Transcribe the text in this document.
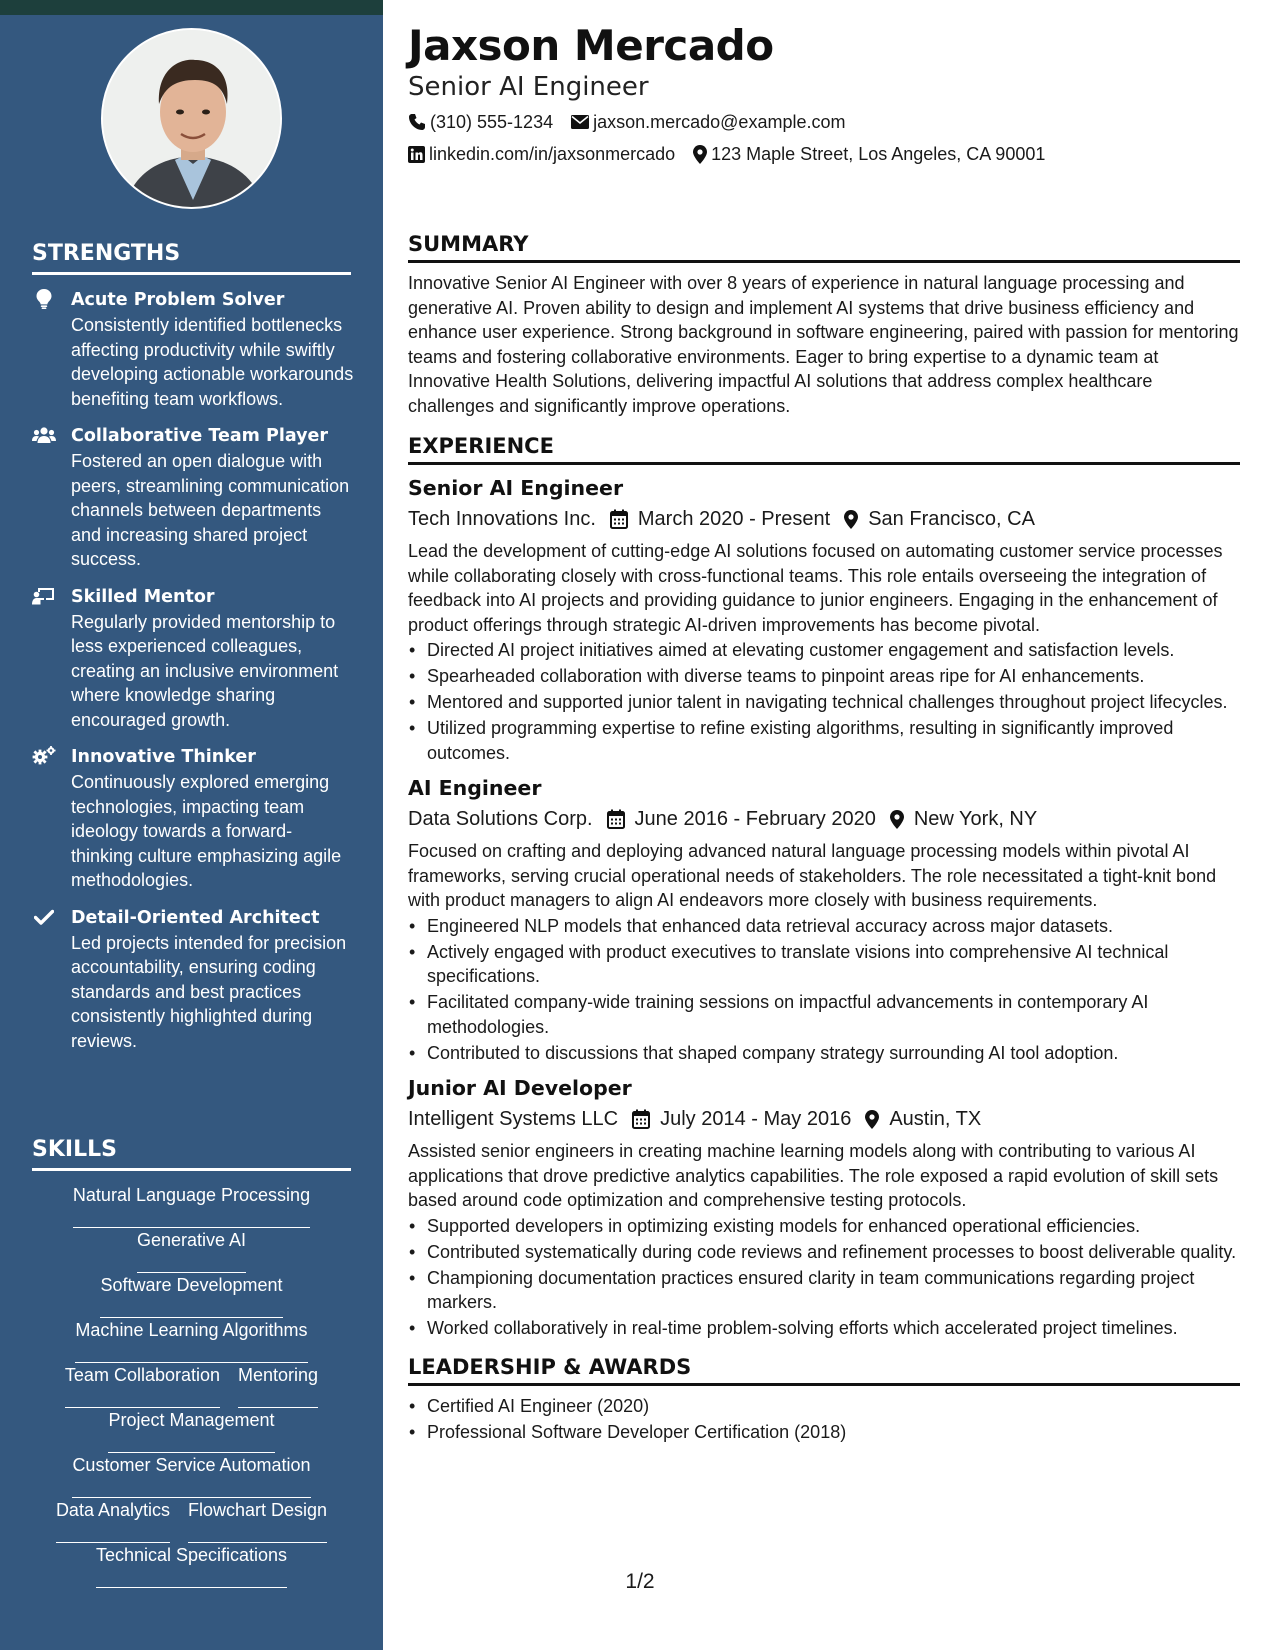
STRENGTHS
Acute Problem Solver
Consistently identified bottlenecks affecting productivity while swiftly developing actionable workarounds benefiting team workflows.
Collaborative Team Player
Fostered an open dialogue with peers, streamlining communication channels between departments and increasing shared project success.
Skilled Mentor
Regularly provided mentorship to less experienced colleagues, creating an inclusive environment where knowledge sharing encouraged growth.
Innovative Thinker
Continuously explored emerging technologies, impacting team ideology towards a forward-thinking culture emphasizing agile methodologies.
Detail-Oriented Architect
Led projects intended for precision accountability, ensuring coding standards and best practices consistently highlighted during reviews.
SKILLS
Natural Language Processing
Generative AI
Software Development
Machine Learning Algorithms
Team Collaboration Mentoring
Project Management
Customer Service Automation
Data Analytics Flowchart Design
Technical Specifications
Jaxson Mercado
Senior AI Engineer
(310) 555-1234 jaxson.mercado@example.com
linkedin.com/in/jaxsonmercado 123 Maple Street, Los Angeles, CA 90001
SUMMARY
Innovative Senior AI Engineer with over 8 years of experience in natural language processing and generative AI. Proven ability to design and implement AI systems that drive business efficiency and enhance user experience. Strong background in software engineering, paired with passion for mentoring teams and fostering collaborative environments. Eager to bring expertise to a dynamic team at Innovative Health Solutions, delivering impactful AI solutions that address complex healthcare challenges and significantly improve operations.
EXPERIENCE
Senior AI Engineer
Tech Innovations Inc. March 2020 - Present San Francisco, CA
Lead the development of cutting-edge AI solutions focused on automating customer service processes while collaborating closely with cross-functional teams. This role entails overseeing the integration of feedback into AI projects and providing guidance to junior engineers. Engaging in the enhancement of product offerings through strategic AI-driven improvements has become pivotal.
• Directed AI project initiatives aimed at elevating customer engagement and satisfaction levels.
• Spearheaded collaboration with diverse teams to pinpoint areas ripe for AI enhancements.
• Mentored and supported junior talent in navigating technical challenges throughout project lifecycles.
• Utilized programming expertise to refine existing algorithms, resulting in significantly improved outcomes.
AI Engineer
Data Solutions Corp. June 2016 - February 2020 New York, NY
Focused on crafting and deploying advanced natural language processing models within pivotal AI frameworks, serving crucial operational needs of stakeholders. The role necessitated a tight-knit bond with product managers to align AI endeavors more closely with business requirements.
• Engineered NLP models that enhanced data retrieval accuracy across major datasets.
• Actively engaged with product executives to translate visions into comprehensive AI technical specifications.
• Facilitated company-wide training sessions on impactful advancements in contemporary AI methodologies.
• Contributed to discussions that shaped company strategy surrounding AI tool adoption.
Junior AI Developer
Intelligent Systems LLC July 2014 - May 2016 Austin, TX
Assisted senior engineers in creating machine learning models along with contributing to various AI applications that drove predictive analytics capabilities. The role exposed a rapid evolution of skill sets based around code optimization and comprehensive testing protocols.
• Supported developers in optimizing existing models for enhanced operational efficiencies.
• Contributed systematically during code reviews and refinement processes to boost deliverable quality.
• Championing documentation practices ensured clarity in team communications regarding project markers.
• Worked collaboratively in real-time problem-solving efforts which accelerated project timelines.
LEADERSHIP & AWARDS
• Certified AI Engineer (2020)
• Professional Software Developer Certification (2018)
1/2
